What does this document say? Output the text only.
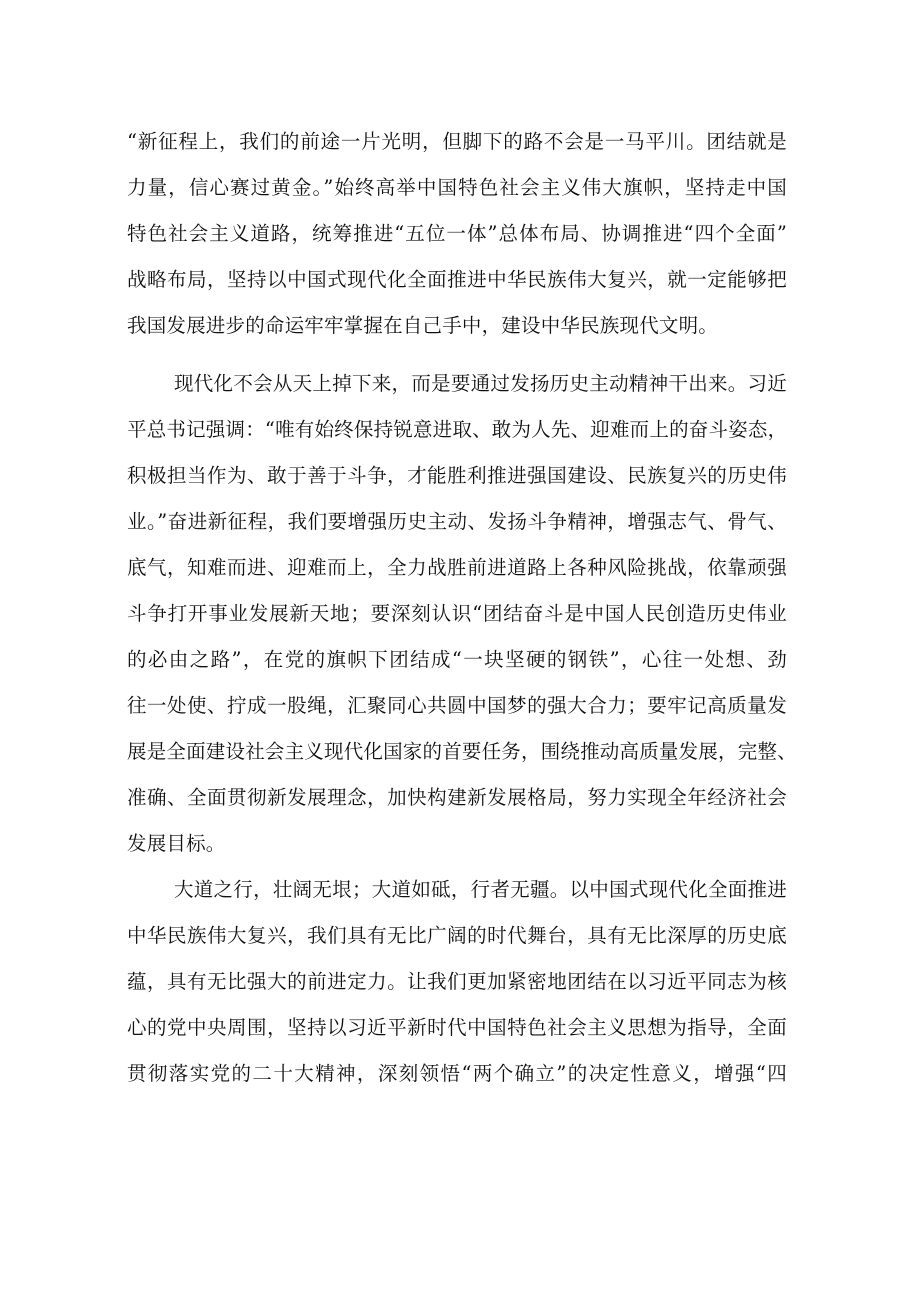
“新征程上，我们的前途一片光明，但脚下的路不会是一马平川。团结就是
力量，信心赛过黄金。”始终高举中国特色社会主义伟大旗帜，坚持走中国
特色社会主义道路，统筹推进“五位一体”总体布局、协调推进“四个全面”
战略布局，坚持以中国式现代化全面推进中华民族伟大复兴，就一定能够把
我国发展进步的命运牢牢掌握在自己手中，建设中华民族现代文明。
现代化不会从天上掉下来，而是要通过发扬历史主动精神干出来。习近
平总书记强调：“唯有始终保持锐意进取、敢为人先、迎难而上的奋斗姿态，
积极担当作为、敢于善于斗争，才能胜利推进强国建设、民族复兴的历史伟
业。”奋进新征程，我们要增强历史主动、发扬斗争精神，增强志气、骨气、
底气，知难而进、迎难而上，全力战胜前进道路上各种风险挑战，依靠顽强
斗争打开事业发展新天地；要深刻认识“团结奋斗是中国人民创造历史伟业
的必由之路”，在党的旗帜下团结成“一块坚硬的钢铁”，心往一处想、劲
往一处使、拧成一股绳，汇聚同心共圆中国梦的强大合力；要牢记高质量发
展是全面建设社会主义现代化国家的首要任务，围绕推动高质量发展，完整、
准确、全面贯彻新发展理念，加快构建新发展格局，努力实现全年经济社会
发展目标。
大道之行，壮阔无垠；大道如砥，行者无疆。以中国式现代化全面推进
中华民族伟大复兴，我们具有无比广阔的时代舞台，具有无比深厚的历史底
蕴，具有无比强大的前进定力。让我们更加紧密地团结在以习近平同志为核
心的党中央周围，坚持以习近平新时代中国特色社会主义思想为指导，全面
贯彻落实党的二十大精神，深刻领悟“两个确立”的决定性意义，增强“四
